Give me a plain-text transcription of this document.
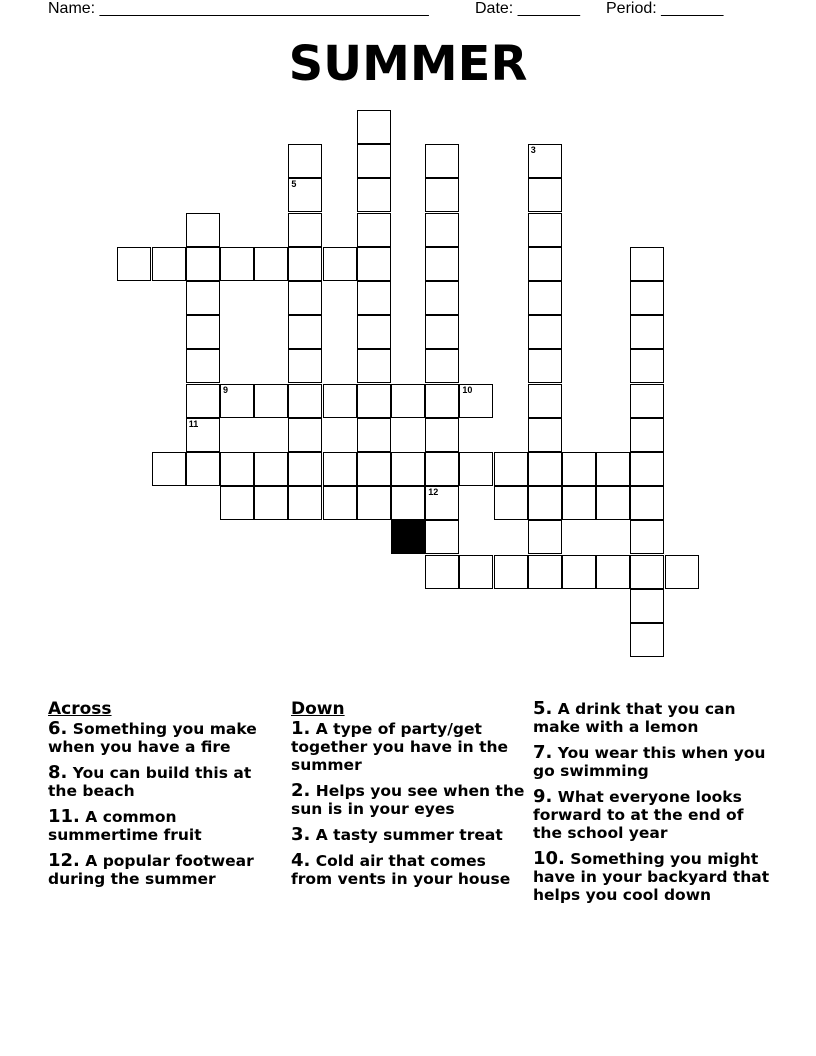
Name: _____________________________________	Date: _______ Period: _______
SUMMER
5
12
11
3
9	10
Across
6. Something you make when you have a fire
8. You can build this at the beach
11. A common summertime fruit
12. A popular footwear during the summer
Down
1. A type of party/get together you have in the summer
2. Helps you see when the sun is in your eyes
3. A tasty summer treat
4. Cold air that comes from vents in your house
5. A drink that you can make with a lemon
7. You wear this when you go swimming
9. What everyone looks forward to at the end of the school year
10. Something you might have in your backyard that helps you cool down
